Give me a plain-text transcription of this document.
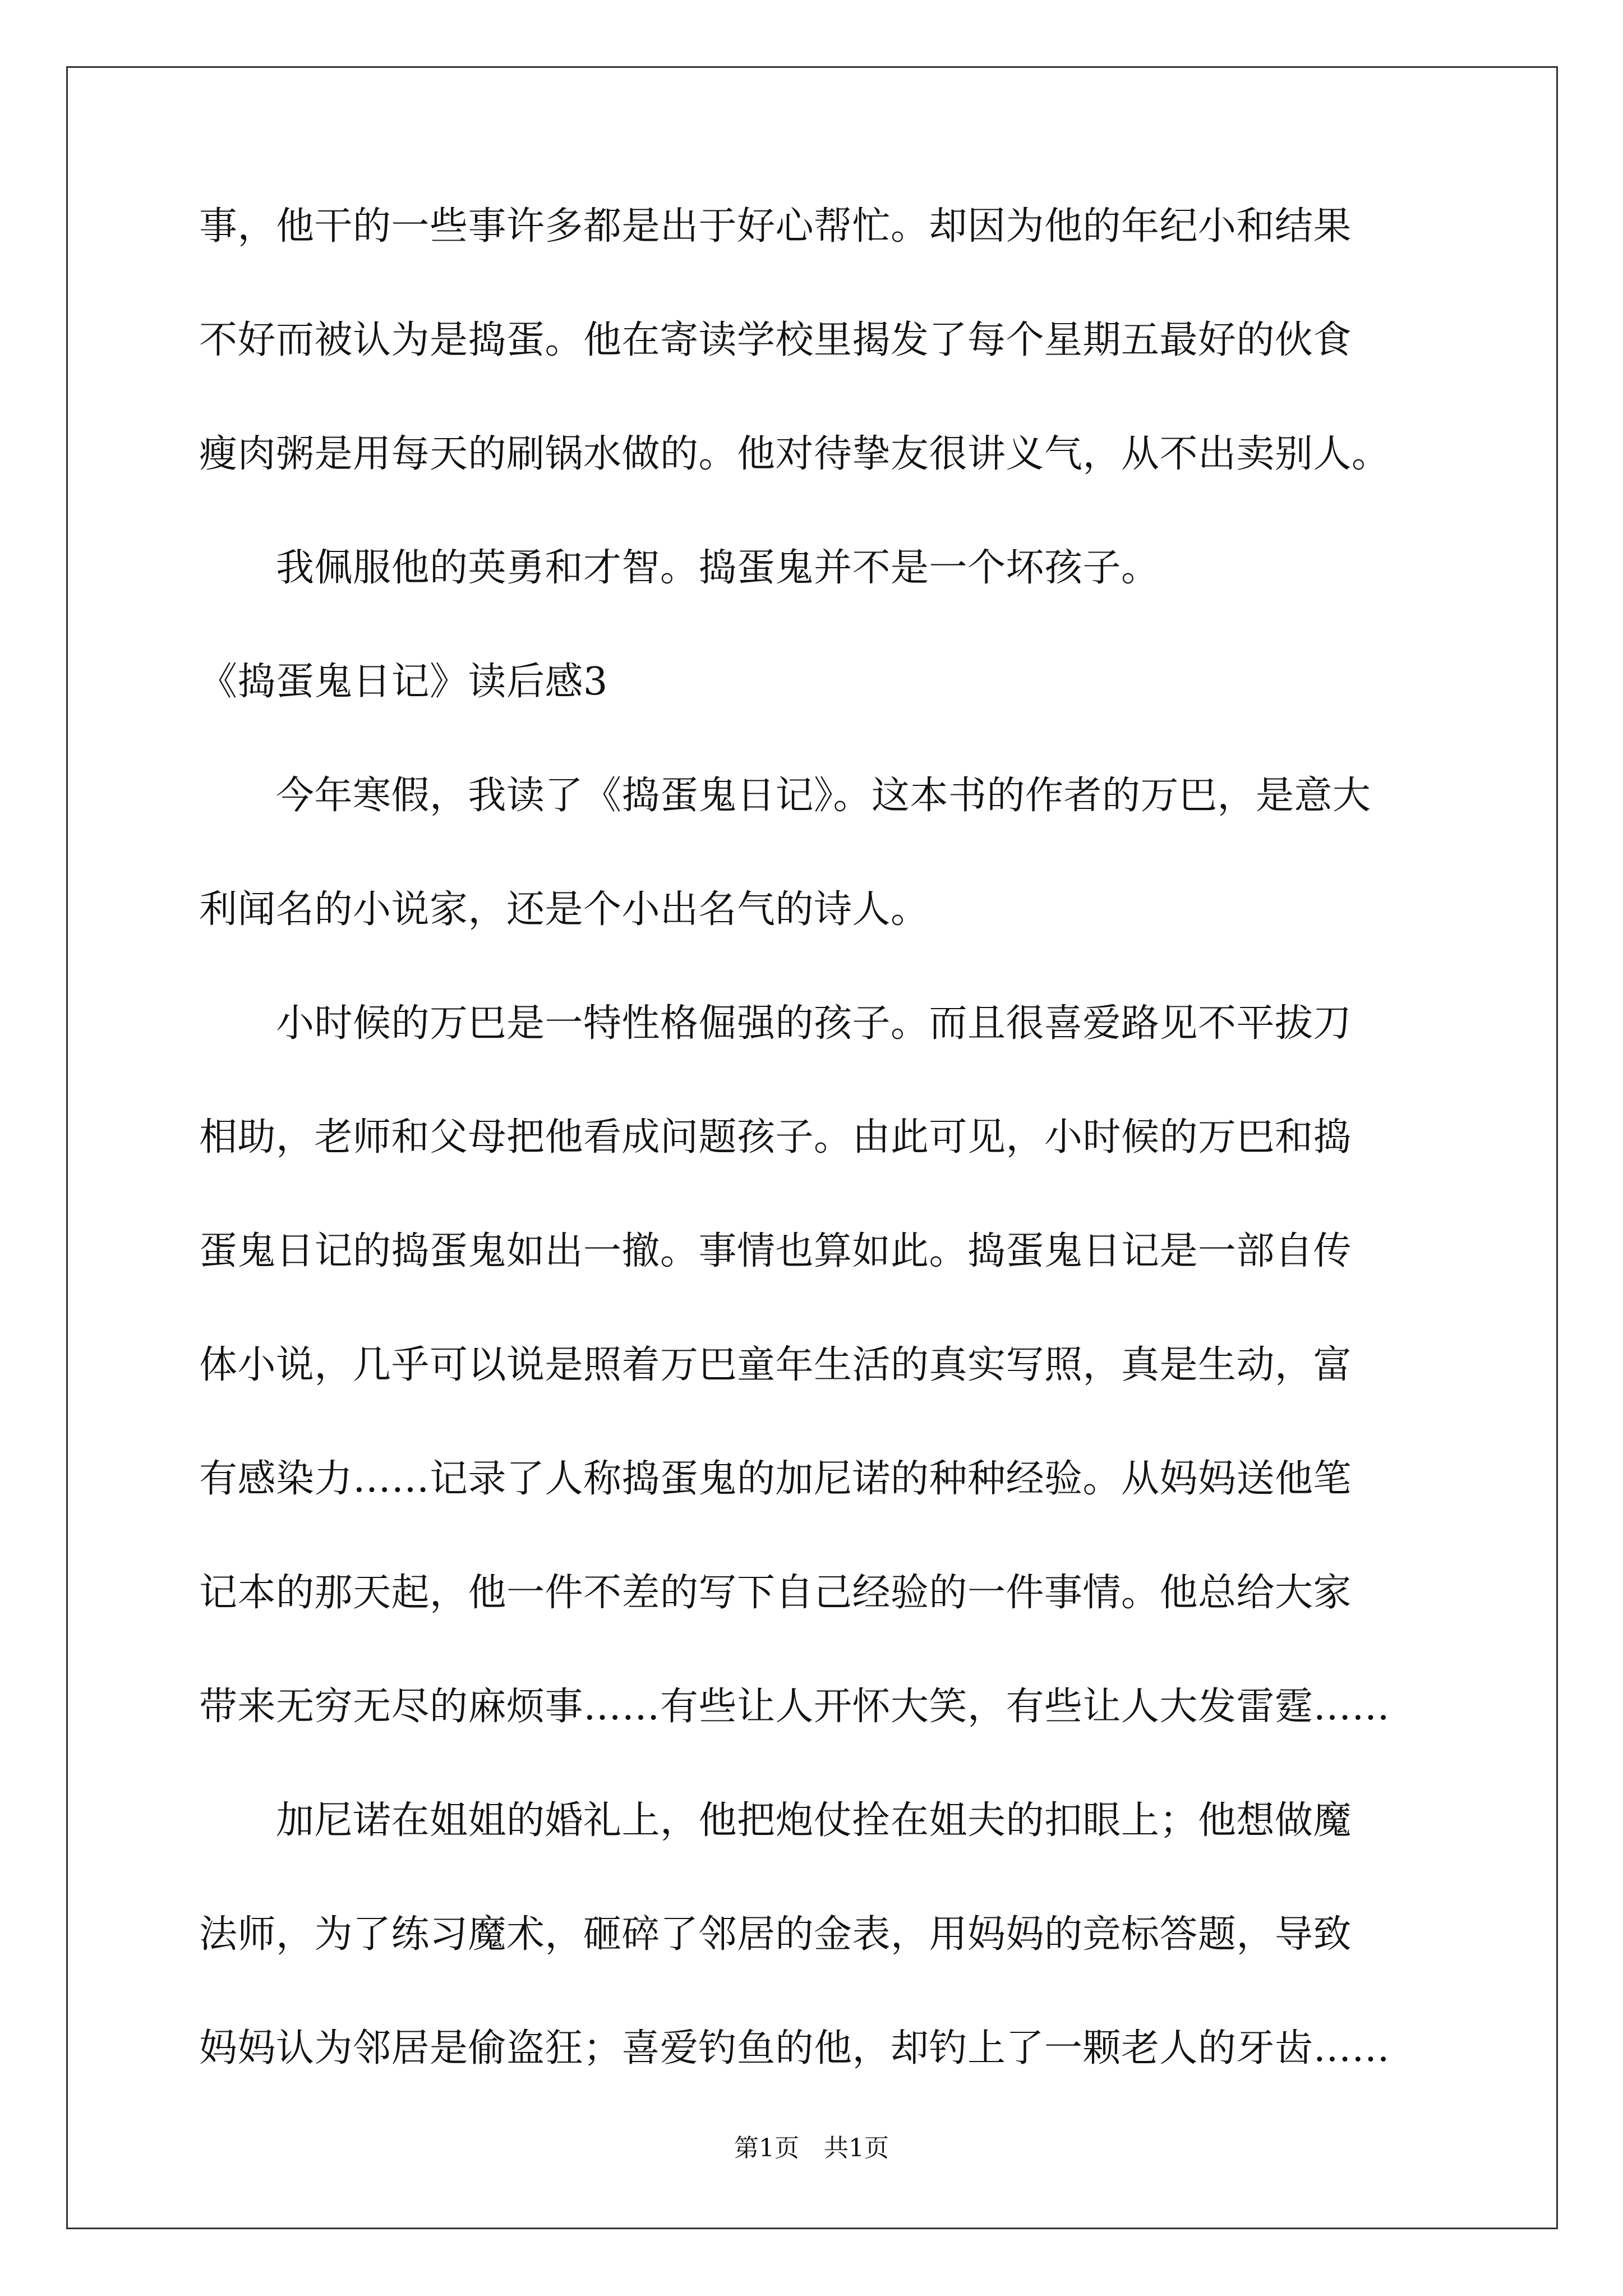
事，他干的一些事许多都是出于好心帮忙。却因为他的年纪小和结果
不好而被认为是捣蛋。他在寄读学校里揭发了每个星期五最好的伙食
瘦肉粥是用每天的刷锅水做的。他对待挚友很讲义气，从不出卖别人。
　　我佩服他的英勇和才智。捣蛋鬼并不是一个坏孩子。
《捣蛋鬼日记》读后感3
　　今年寒假，我读了《捣蛋鬼日记》。这本书的作者的万巴，是意大
利闻名的小说家，还是个小出名气的诗人。
　　小时候的万巴是一特性格倔强的孩子。而且很喜爱路见不平拔刀
相助，老师和父母把他看成问题孩子。由此可见，小时候的万巴和捣
蛋鬼日记的捣蛋鬼如出一撤。事情也算如此。捣蛋鬼日记是一部自传
体小说，几乎可以说是照着万巴童年生活的真实写照，真是生动，富
有感染力……记录了人称捣蛋鬼的加尼诺的种种经验。从妈妈送他笔
记本的那天起，他一件不差的写下自己经验的一件事情。他总给大家
带来无穷无尽的麻烦事……有些让人开怀大笑，有些让人大发雷霆……
　　加尼诺在姐姐的婚礼上，他把炮仗拴在姐夫的扣眼上；他想做魔
法师，为了练习魔术，砸碎了邻居的金表，用妈妈的竞标答题，导致
妈妈认为邻居是偷盗狂；喜爱钓鱼的他，却钓上了一颗老人的牙齿……
第1页　共1页
